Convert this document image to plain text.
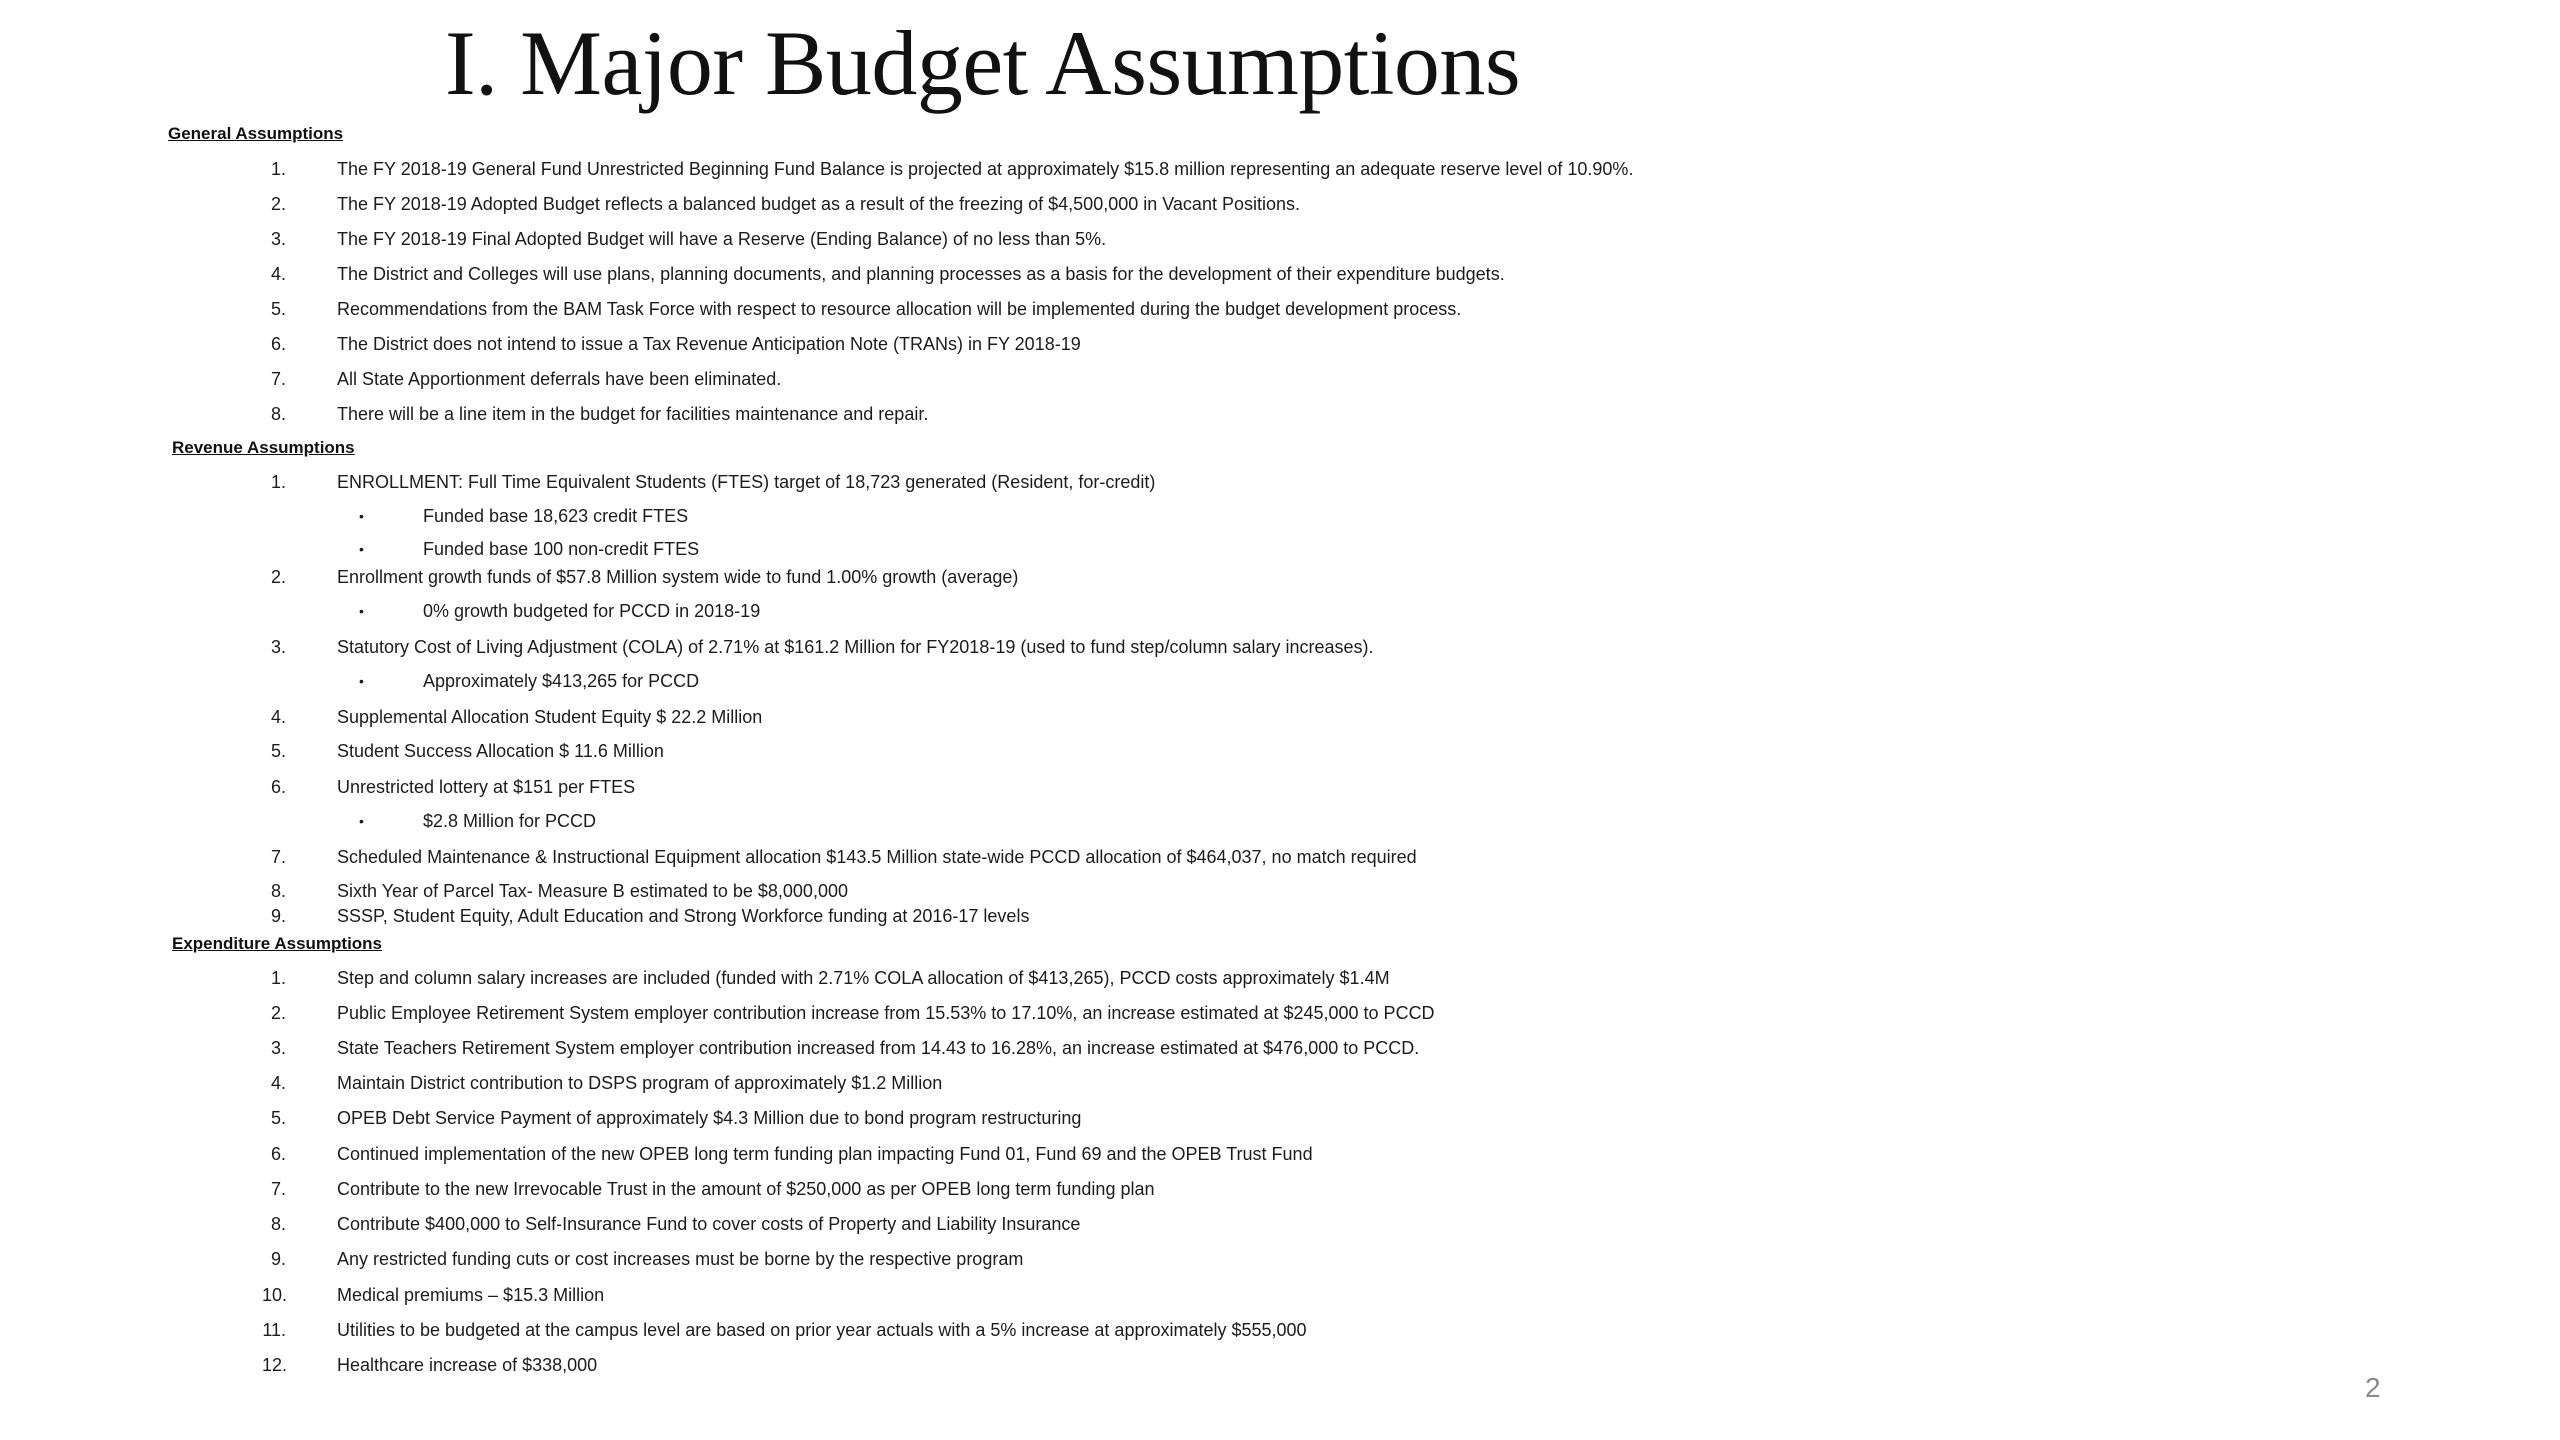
I. Major Budget Assumptions
2
General Assumptions
1.	The FY 2018-19 General Fund Unrestricted Beginning Fund Balance is projected at approximately $15.8 million representing an adequate reserve level of 10.90%.
2.	The FY 2018-19 Adopted Budget reflects a balanced budget as a result of the freezing of $4,500,000 in Vacant Positions.
3.	The FY 2018-19 Final Adopted Budget will have a Reserve (Ending Balance) of no less than 5%.
4.	The District and Colleges will use plans, planning documents, and planning processes as a basis for the development of their expenditure budgets.
5.	Recommendations from the BAM Task Force with respect to resource allocation will be implemented during the budget development process.
6.	The District does not intend to issue a Tax Revenue Anticipation Note (TRANs) in FY 2018-19
7.	All State Apportionment deferrals have been eliminated.
8.	There will be a line item in the budget for facilities maintenance and repair.
Revenue Assumptions
1.	ENROLLMENT: Full Time Equivalent Students (FTES) target of 18,723 generated (Resident, for-credit)
•	Funded base 18,623 credit FTES
•	Funded base 100 non-credit FTES
2.	Enrollment growth funds of $57.8 Million system wide to fund 1.00% growth (average)
•	0% growth budgeted for PCCD in 2018-19
3.	Statutory Cost of Living Adjustment (COLA) of 2.71% at $161.2 Million for FY2018-19 (used to fund step/column salary increases).
•	Approximately $413,265 for PCCD
4.	Supplemental Allocation Student Equity $ 22.2 Million
5.	Student Success Allocation $ 11.6 Million
6.	Unrestricted lottery at $151 per FTES
•	$2.8 Million for PCCD
7.	Scheduled Maintenance & Instructional Equipment allocation $143.5 Million state-wide PCCD allocation of $464,037, no match required
8.	Sixth Year of Parcel Tax- Measure B estimated to be $8,000,000
9.	SSSP, Student Equity, Adult Education and Strong Workforce funding at 2016-17 levels
Expenditure Assumptions
1.	Step and column salary increases are included (funded with 2.71% COLA allocation of $413,265), PCCD costs approximately $1.4M
2.	Public Employee Retirement System employer contribution increase from 15.53% to 17.10%, an increase estimated at $245,000 to PCCD
3.	State Teachers Retirement System employer contribution increased from 14.43 to 16.28%, an increase estimated at $476,000 to PCCD.
4.	Maintain District contribution to DSPS program of approximately $1.2 Million
5.	OPEB Debt Service Payment of approximately $4.3 Million due to bond program restructuring
6.	Continued implementation of the new OPEB long term funding plan impacting Fund 01, Fund 69 and the OPEB Trust Fund
7.	Contribute to the new Irrevocable Trust in the amount of $250,000 as per OPEB long term funding plan
8.	Contribute $400,000 to Self-Insurance Fund to cover costs of Property and Liability Insurance
9.	Any restricted funding cuts or cost increases must be borne by the respective program
10.	Medical premiums – $15.3 Million
11.	Utilities to be budgeted at the campus level are based on prior year actuals with a 5% increase at approximately $555,000
12.	Healthcare increase of $338,000
